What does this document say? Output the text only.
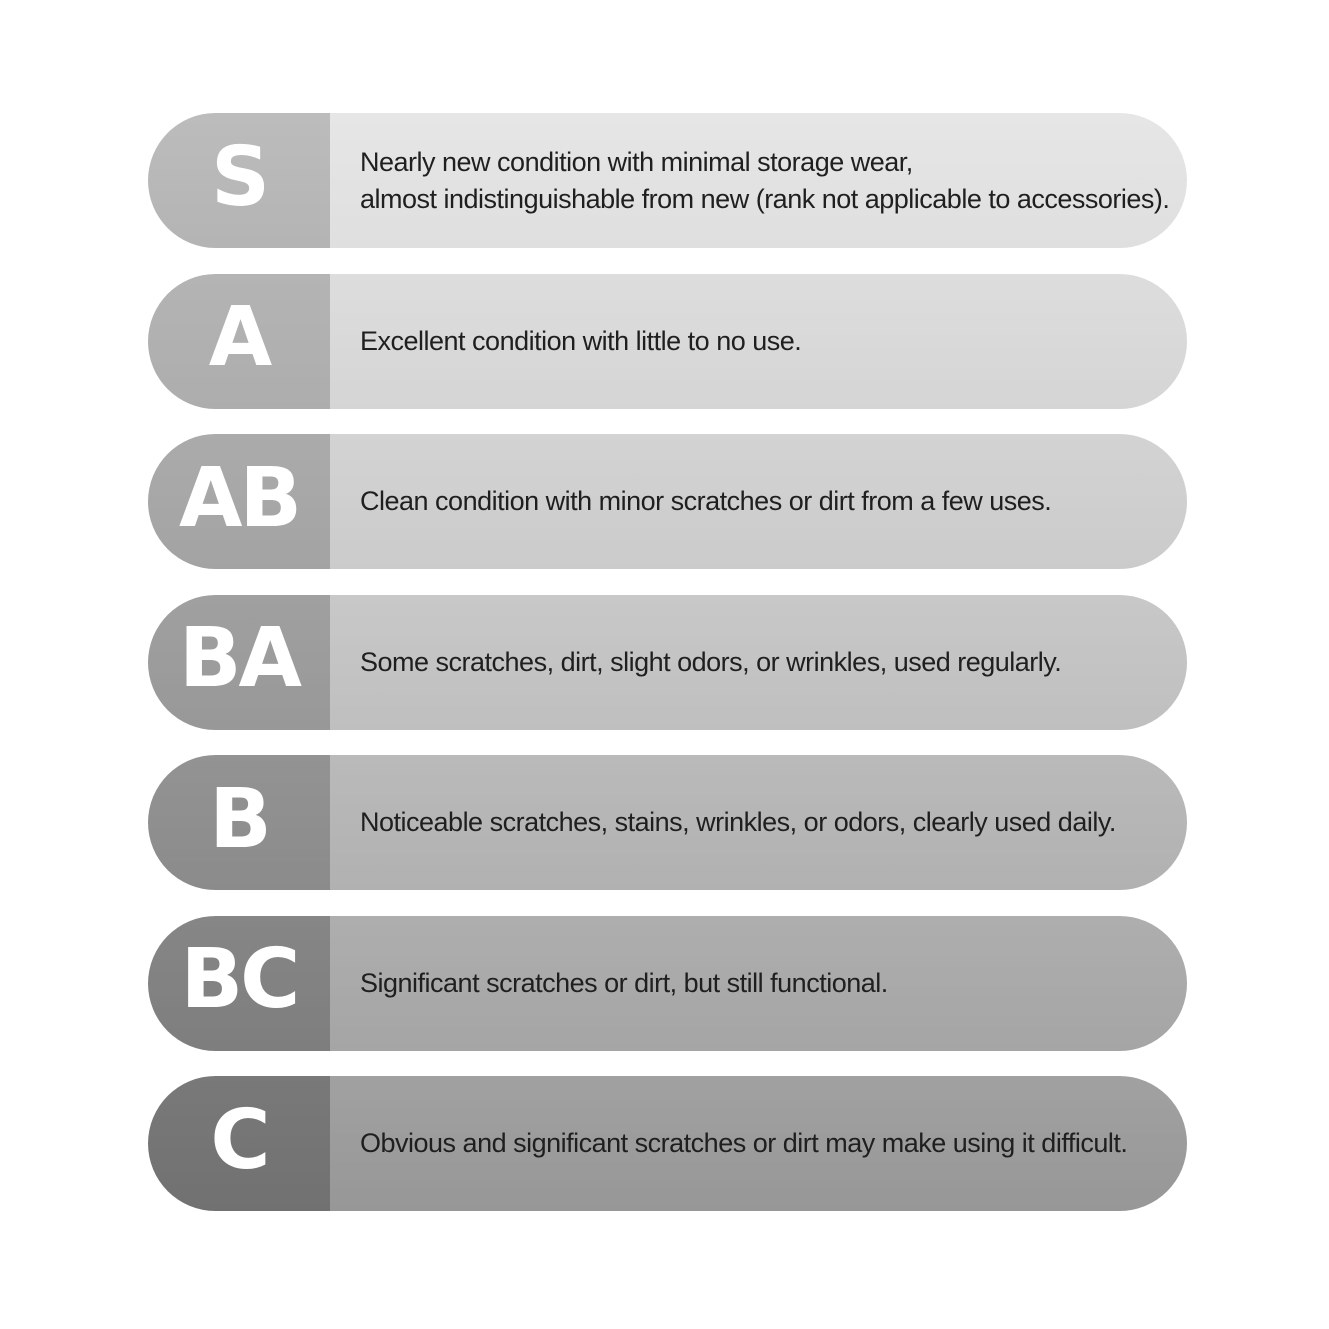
S	Nearly new condition with minimal storage wear,
almost indistinguishable from new (rank not applicable to accessories).
A	Excellent condition with little to no use.
AB Clean condition with minor scratches or dirt from a few uses.
BA Some scratches, dirt, slight odors, or wrinkles, used regularly.
B	Noticeable scratches, stains, wrinkles, or odors, clearly used daily.
BC Significant scratches or dirt, but still functional.
C	Obvious and significant scratches or dirt may make using it difficult.
